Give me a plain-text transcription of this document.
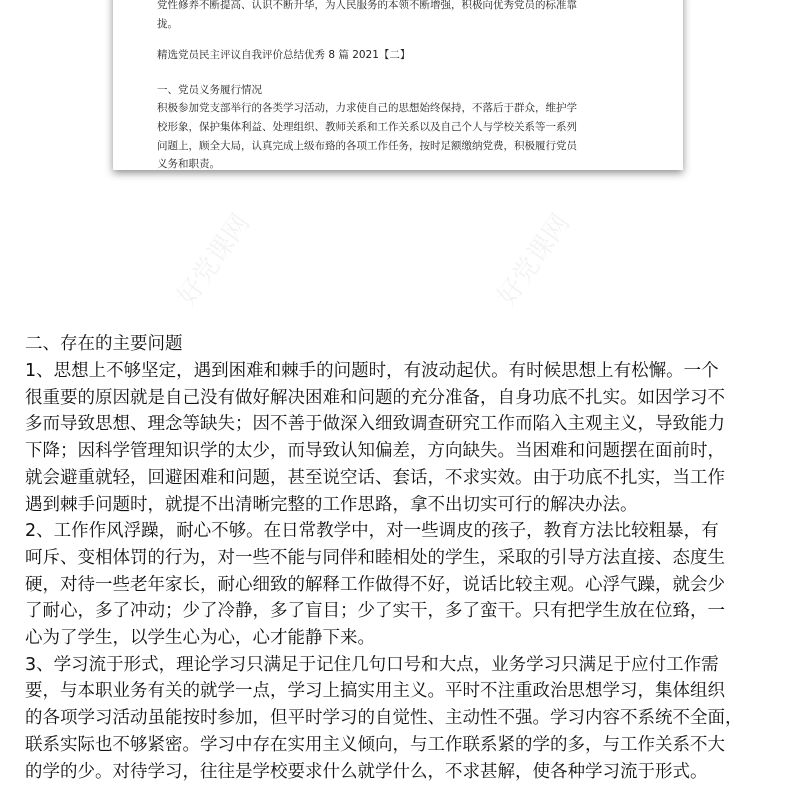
好党课网	好党课网
党性修养不断提高、认识不断升华，为人民服务的本领不断增强，积极向优秀党员的标准靠
拢。
精选党员民主评议自我评价总结优秀 8 篇 2021【二】
一、党员义务履行情况
积极参加党支部举行的各类学习活动，力求使自己的思想始终保持，不落后于群众，维护学
校形象，保护集体利益、处理组织、教师关系和工作关系以及自己个人与学校关系等一系列
问题上，顾全大局，认真完成上级布臵的各项工作任务，按时足额缴纳党费，积极履行党员
义务和职责。
二、存在的主要问题
1、思想上不够坚定，遇到困难和棘手的问题时，有波动起伏。有时候思想上有松懈。一个
很重要的原因就是自己没有做好解决困难和问题的充分准备，自身功底不扎实。如因学习不
多而导致思想、理念等缺失；因不善于做深入细致调查研究工作而陷入主观主义，导致能力
下降；因科学管理知识学的太少，而导致认知偏差，方向缺失。当困难和问题摆在面前时，
就会避重就轻，回避困难和问题，甚至说空话、套话，不求实效。由于功底不扎实，当工作
遇到棘手问题时，就提不出清晰完整的工作思路，拿不出切实可行的解决办法。
2、工作作风浮躁，耐心不够。在日常教学中，对一些调皮的孩子，教育方法比较粗暴，有
呵斥、变相体罚的行为，对一些不能与同伴和睦相处的学生，采取的引导方法直接、态度生
硬，对待一些老年家长，耐心细致的解释工作做得不好，说话比较主观。心浮气躁，就会少
了耐心，多了冲动；少了冷静，多了盲目；少了实干，多了蛮干。只有把学生放在位臵，一
心为了学生，以学生心为心，心才能静下来。
3、学习流于形式，理论学习只满足于记住几句口号和大点，业务学习只满足于应付工作需
要，与本职业务有关的就学一点，学习上搞实用主义。平时不注重政治思想学习，集体组织
的各项学习活动虽能按时参加，但平时学习的自觉性、主动性不强。学习内容不系统不全面，
联系实际也不够紧密。学习中存在实用主义倾向，与工作联系紧的学的多，与工作关系不大
的学的少。对待学习，往往是学校要求什么就学什么，不求甚解，使各种学习流于形式。
